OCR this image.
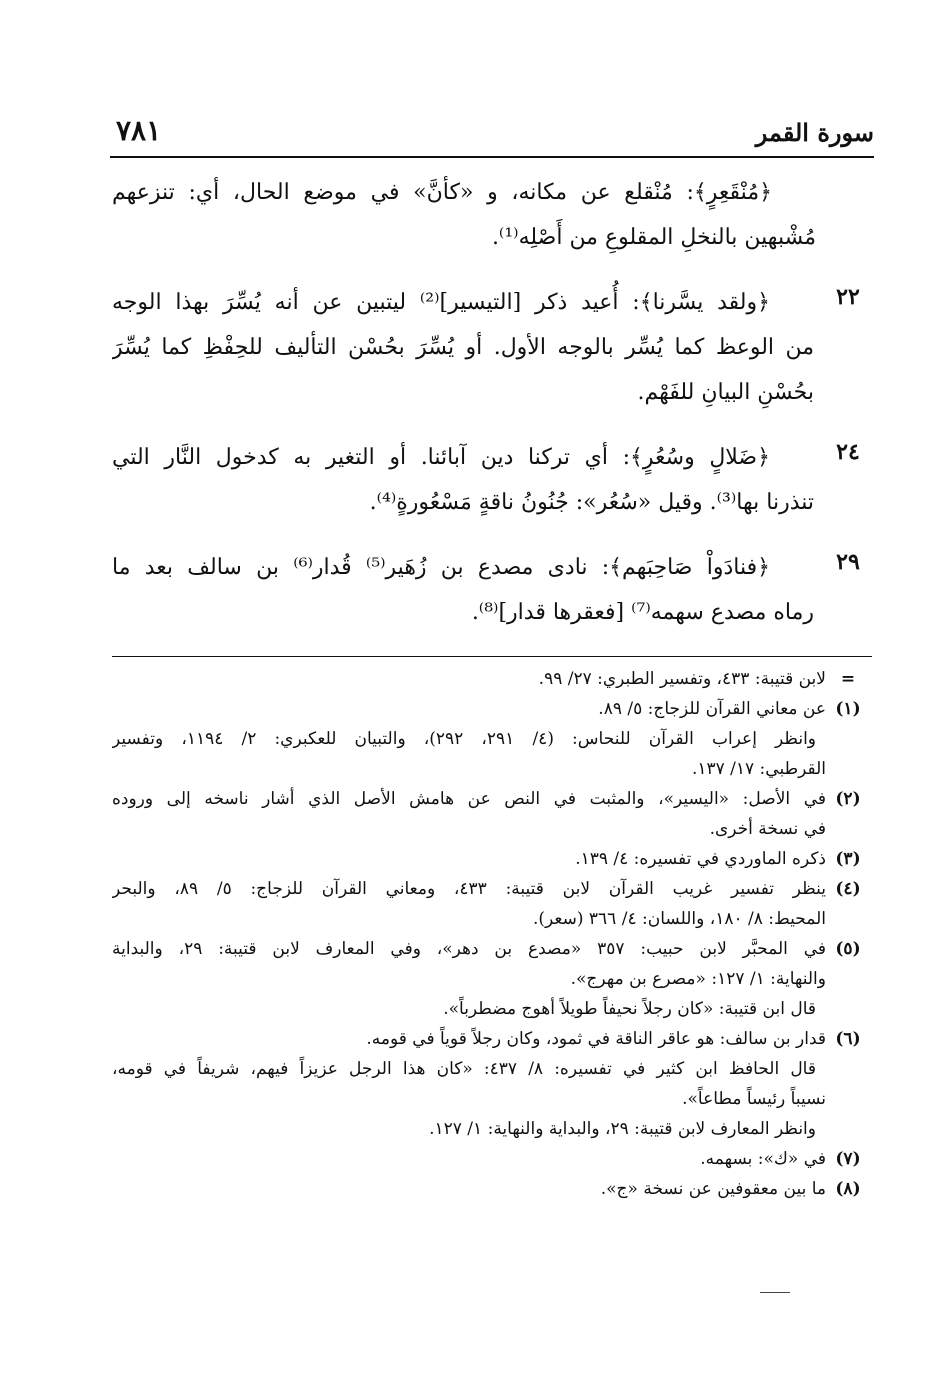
سورة القمر
٧٨١
﴿مُنْقَعِرٍ﴾: مُنْقلع عن مكانه، و «كأنَّ» في موضع الحال، أي: تنزعهم
مُشْبهين بالنخلِ المقلوعِ من أَصْلِه⁽¹⁾.
٢٢
﴿ولقد يسَّرنا﴾: أُعيد ذكر [التيسير]⁽²⁾ ليتبين عن أنه يُسِّرَ بهذا الوجه
من الوعظ كما يُسِّر بالوجه الأول. أو يُسِّرَ بحُسْن التأليف للحِفْظِ كما يُسِّرَ
بحُسْنِ البيانِ للفَهْم.
٢٤
﴿ضَلالٍ وسُعُرٍ﴾: أي تركنا دين آبائنا. أو التغير به كدخول النَّار التي
تنذرنا بها⁽³⁾. وقيل «سُعُر»: جُنُونُ ناقةٍ مَسْعُورةٍ⁽⁴⁾.
٢٩
﴿فنادَواْ صَاحِبَهم﴾: نادى مصدع بن زُهَير⁽⁵⁾ قُدار⁽⁶⁾ بن سالف بعد ما
رماه مصدع سهمه⁽⁷⁾ [فعقرها قدار]⁽⁸⁾.
=
لابن قتيبة: ٤٣٣، وتفسير الطبري: ٢٧/ ٩٩.
(١)
عن معاني القرآن للزجاج: ٥/ ٨٩.
وانظر إعراب القرآن للنحاس: (٤/ ٢٩١، ٢٩٢)، والتبيان للعكبري: ٢/ ١١٩٤، وتفسير
القرطبي: ١٧/ ١٣٧.
(٢)
في الأصل: «اليسير»، والمثبت في النص عن هامش الأصل الذي أشار ناسخه إلى وروده
في نسخة أخرى.
(٣)
ذكره الماوردي في تفسيره: ٤/ ١٣٩.
(٤)
ينظر تفسير غريب القرآن لابن قتيبة: ٤٣٣، ومعاني القرآن للزجاج: ٥/ ٨٩، والبحر
المحيط: ٨/ ١٨٠، واللسان: ٤/ ٣٦٦ (سعر).
(٥)
في المحبَّر لابن حبيب: ٣٥٧ «مصدع بن دهر»، وفي المعارف لابن قتيبة: ٢٩، والبداية
والنهاية: ١/ ١٢٧: «مصرع بن مهرج».
قال ابن قتيبة: «كان رجلاً نحيفاً طويلاً أهوج مضطرباً».
(٦)
قدار بن سالف: هو عاقر الناقة في ثمود، وكان رجلاً قوياً في قومه.
قال الحافظ ابن كثير في تفسيره: ٨/ ٤٣٧: «كان هذا الرجل عزيزاً فيهم، شريفاً في قومه،
نسيباً رئيساً مطاعاً».
وانظر المعارف لابن قتيبة: ٢٩، والبداية والنهاية: ١/ ١٢٧.
(٧)
في «ك»: بسهمه.
(٨)
ما بين معقوفين عن نسخة «ج».
